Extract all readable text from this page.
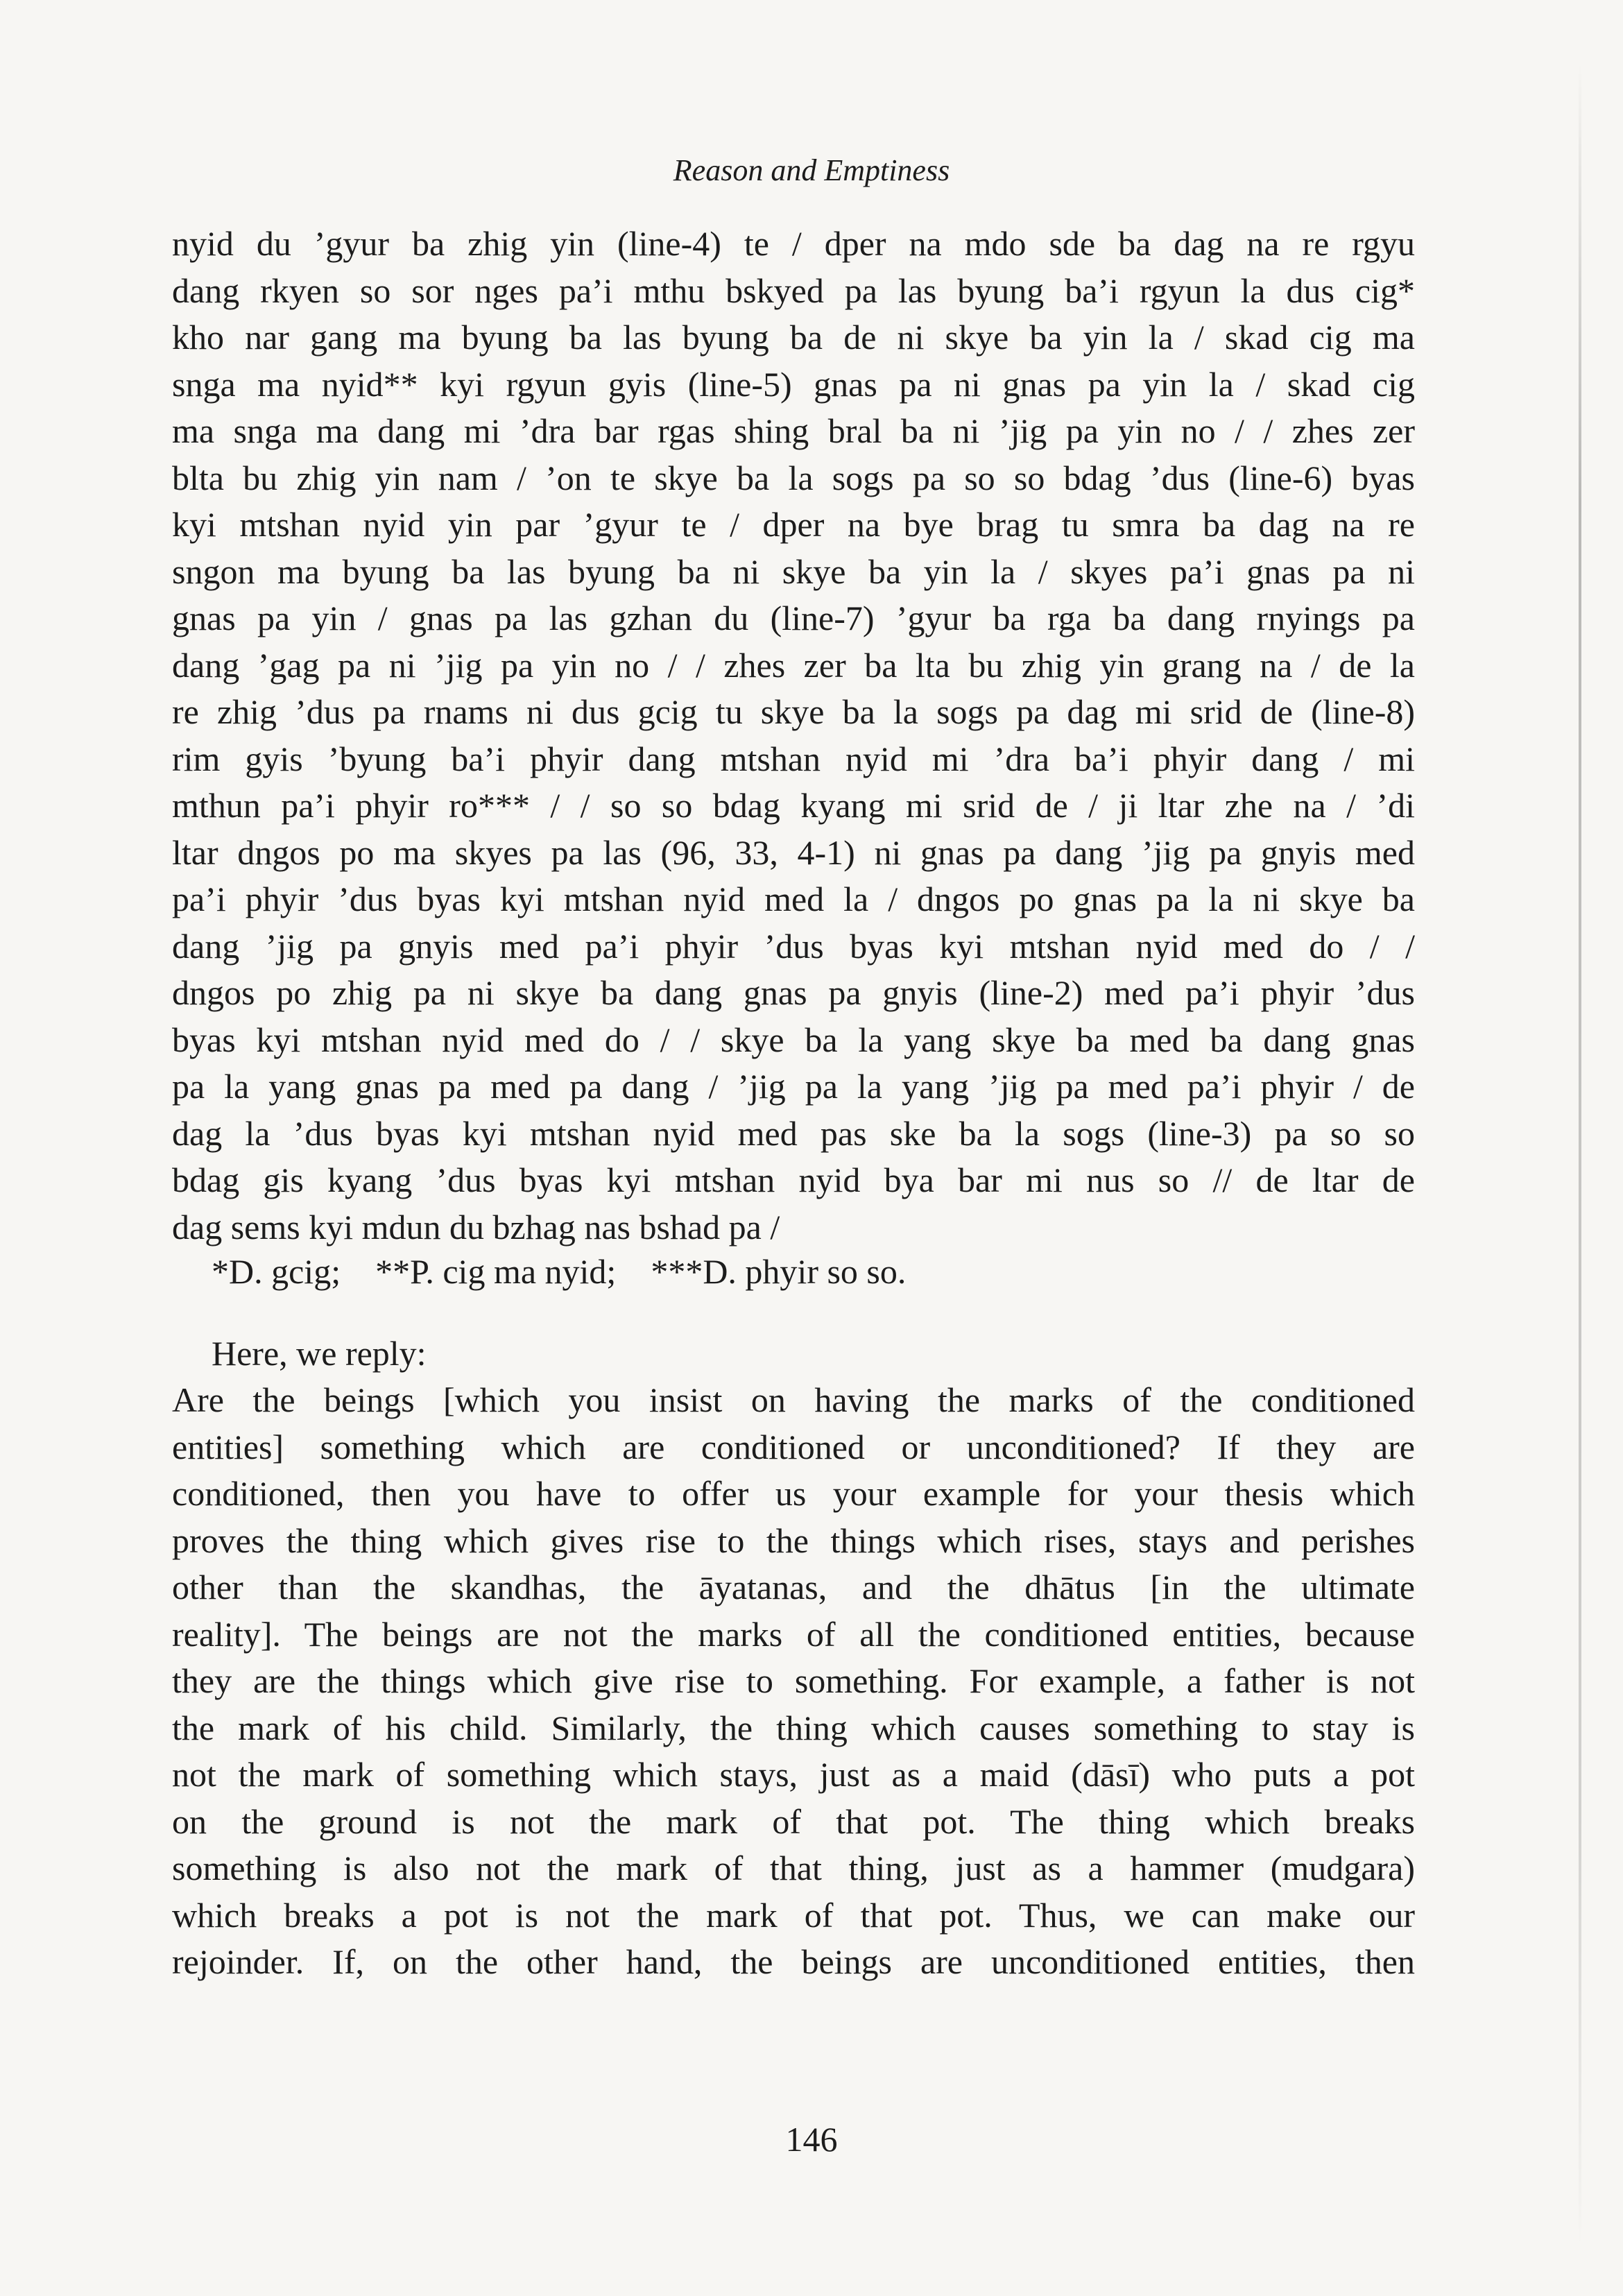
Reason and Emptiness
nyid du ’gyur ba zhig yin (line-4) te / dper na mdo sde ba dag na re rgyu
dang rkyen so sor nges pa’i mthu bskyed pa las byung ba’i rgyun la dus cig*
kho nar gang ma byung ba las byung ba de ni skye ba yin la / skad cig ma
snga ma nyid** kyi rgyun gyis (line-5) gnas pa ni gnas pa yin la / skad cig
ma snga ma dang mi ’dra bar rgas shing bral ba ni ’jig pa yin no / / zhes zer
blta bu zhig yin nam / ’on te skye ba la sogs pa so so bdag ’dus (line-6) byas
kyi mtshan nyid yin par ’gyur te / dper na bye brag tu smra ba dag na re
sngon ma byung ba las byung ba ni skye ba yin la / skyes pa’i gnas pa ni
gnas pa yin / gnas pa las gzhan du (line-7) ’gyur ba rga ba dang rnyings pa
dang ’gag pa ni ’jig pa yin no / / zhes zer ba lta bu zhig yin grang na / de la
re zhig ’dus pa rnams ni dus gcig tu skye ba la sogs pa dag mi srid de (line-8)
rim gyis ’byung ba’i phyir dang mtshan nyid mi ’dra ba’i phyir dang / mi
mthun pa’i phyir ro*** / / so so bdag kyang mi srid de / ji ltar zhe na / ’di
ltar dngos po ma skyes pa las (96, 33, 4-1) ni gnas pa dang ’jig pa gnyis med
pa’i phyir ’dus byas kyi mtshan nyid med la / dngos po gnas pa la ni skye ba
dang ’jig pa gnyis med pa’i phyir ’dus byas kyi mtshan nyid med do / /
dngos po zhig pa ni skye ba dang gnas pa gnyis (line-2) med pa’i phyir ’dus
byas kyi mtshan nyid med do / / skye ba la yang skye ba med ba dang gnas
pa la yang gnas pa med pa dang / ’jig pa la yang ’jig pa med pa’i phyir / de
dag la ’dus byas kyi mtshan nyid med pas ske ba la sogs (line-3) pa so so
bdag gis kyang ’dus byas kyi mtshan nyid bya bar mi nus so // de ltar de
dag sems kyi mdun du bzhag nas bshad pa /
*D. gcig; **P. cig ma nyid; ***D. phyir so so.
Here, we reply:
Are the beings [which you insist on having the marks of the conditioned
entities] something which are conditioned or unconditioned? If they are
conditioned, then you have to offer us your example for your thesis which
proves the thing which gives rise to the things which rises, stays and perishes
other than the skandhas, the āyatanas, and the dhātus [in the ultimate
reality]. The beings are not the marks of all the conditioned entities, because
they are the things which give rise to something. For example, a father is not
the mark of his child. Similarly, the thing which causes something to stay is
not the mark of something which stays, just as a maid (dāsī) who puts a pot
on the ground is not the mark of that pot. The thing which breaks
something is also not the mark of that thing, just as a hammer (mudgara)
which breaks a pot is not the mark of that pot. Thus, we can make our
rejoinder. If, on the other hand, the beings are unconditioned entities, then
146
